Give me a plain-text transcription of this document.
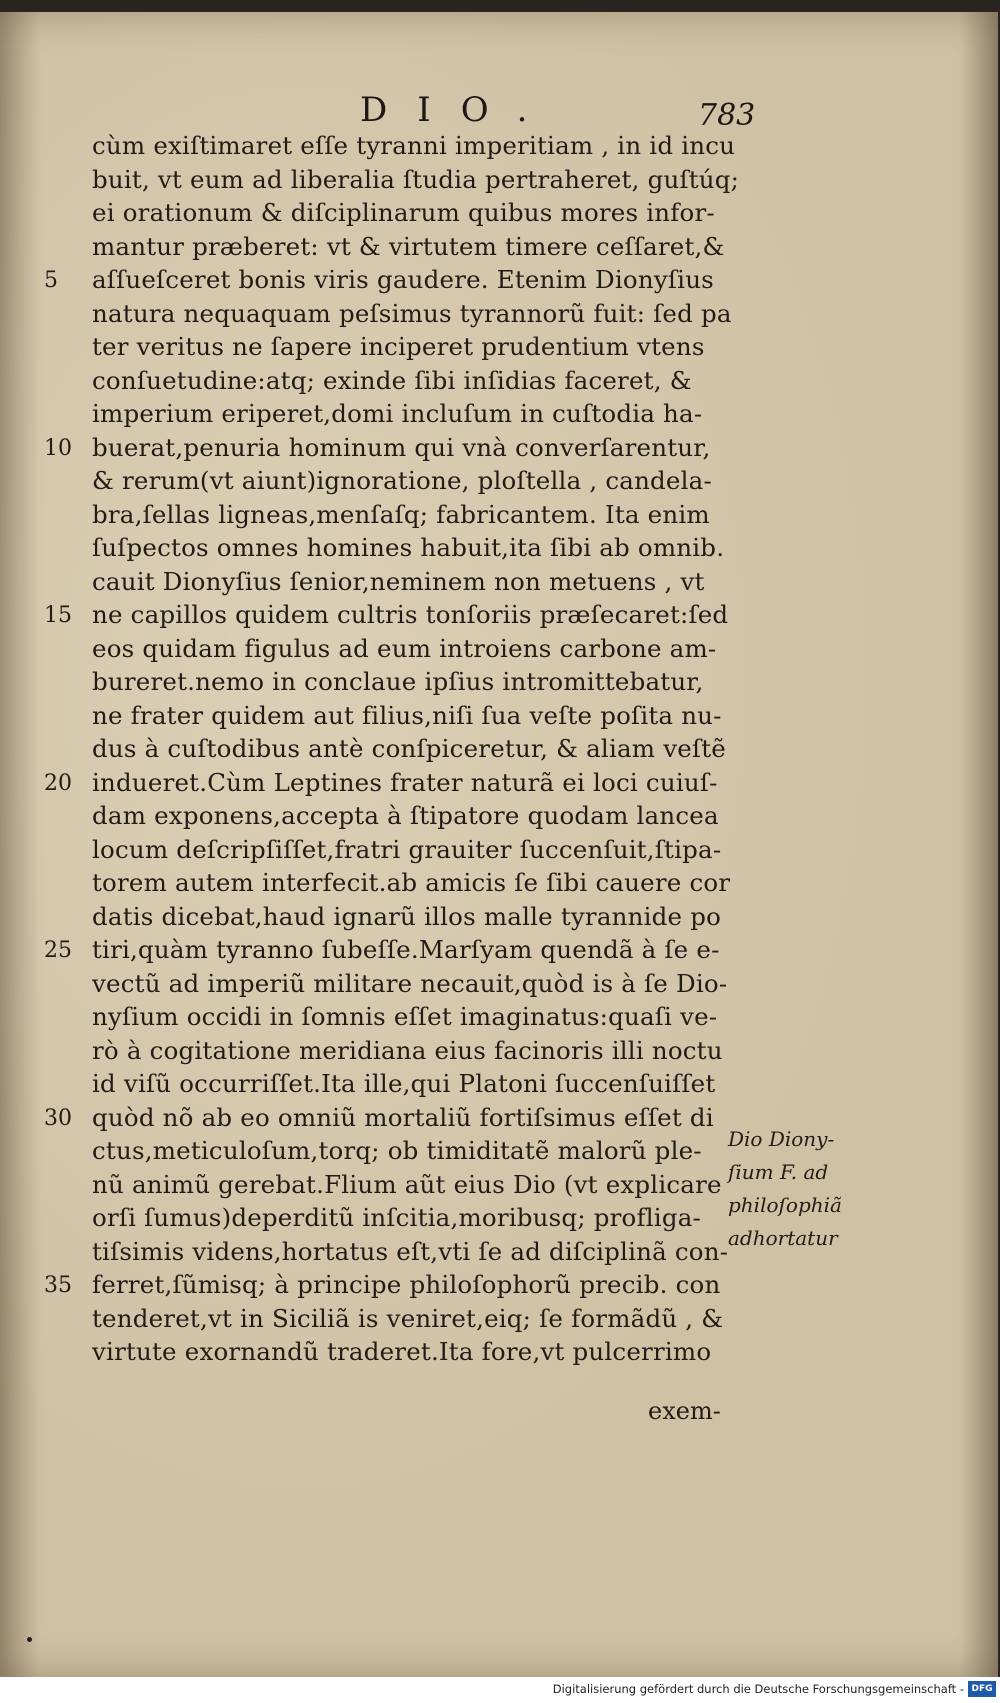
DIO.	783
cùm exiſtimaret eſſe tyranni imperitiam , in id incu
buit, vt eum ad liberalia ſtudia pertraheret, guſtúq;
ei orationum & diſciplinarum quibus mores infor-
mantur præberet: vt & virtutem timere ceſſaret,&
aſſueſceret bonis viris gaudere. Etenim Dionyſius
5
natura nequaquam peſsimus tyrannorũ fuit: ſed pa
ter veritus ne ſapere inciperet prudentium vtens
conſuetudine:atq; exinde ſibi inſidias faceret, &
imperium eriperet,domi incluſum in cuſtodia ha-
buerat,penuria hominum qui vnà converſarentur,
10
& rerum(vt aiunt)ignoratione, ploſtella , candela-
bra,ſellas ligneas,menſaſq; fabricantem. Ita enim
ſuſpectos omnes homines habuit,ita ſibi ab omnib.
cauit Dionyſius ſenior,neminem non metuens , vt
ne capillos quidem cultris tonſoriis præſecaret:ſed
15
eos quidam figulus ad eum introiens carbone am-
bureret.nemo in conclaue ipſius intromittebatur,
ne frater quidem aut filius,niſi ſua veſte poſita nu-
dus à cuſtodibus antè conſpiceretur, & aliam veſtẽ
indueret.Cùm Leptines frater naturã ei loci cuiuſ-
20
dam exponens,accepta à ſtipatore quodam lancea
locum deſcripſiſſet,fratri grauiter ſuccenſuit,ſtipa-
torem autem interfecit.ab amicis ſe ſibi cauere cor
datis dicebat,haud ignarũ illos malle tyrannide po
tiri,quàm tyranno ſubeſſe.Marſyam quendã à ſe e-
25
vectũ ad imperiũ militare necauit,quòd is à ſe Dio-
nyſium occidi in ſomnis eſſet imaginatus:quaſi ve-
rò à cogitatione meridiana eius facinoris illi noctu
id viſũ occurriſſet.Ita ille,qui Platoni ſuccenſuiſſet
quòd nõ ab eo omniũ mortaliũ fortiſsimus eſſet di
30
ctus,meticuloſum,torq; ob timiditatẽ malorũ ple-
nũ animũ gerebat.Flium aũt eius Dio (vt explicare
orſi ſumus)deperditũ inſcitia,moribusq; profliga-
tiſsimis videns,hortatus eſt,vti ſe ad diſciplinã con-
ferret,ſũmisq; à principe philoſophorũ precib. con
35
tenderet,vt in Siciliã is veniret,eiq; ſe formãdũ , &
virtute exornandũ traderet.Ita fore,vt pulcerrimo
exem-
Dio Diony-
ſium F. ad
philoſophiã
adhortatur
Digitalisierung gefördert durch die Deutsche Forschungsgemeinschaft - DFG
